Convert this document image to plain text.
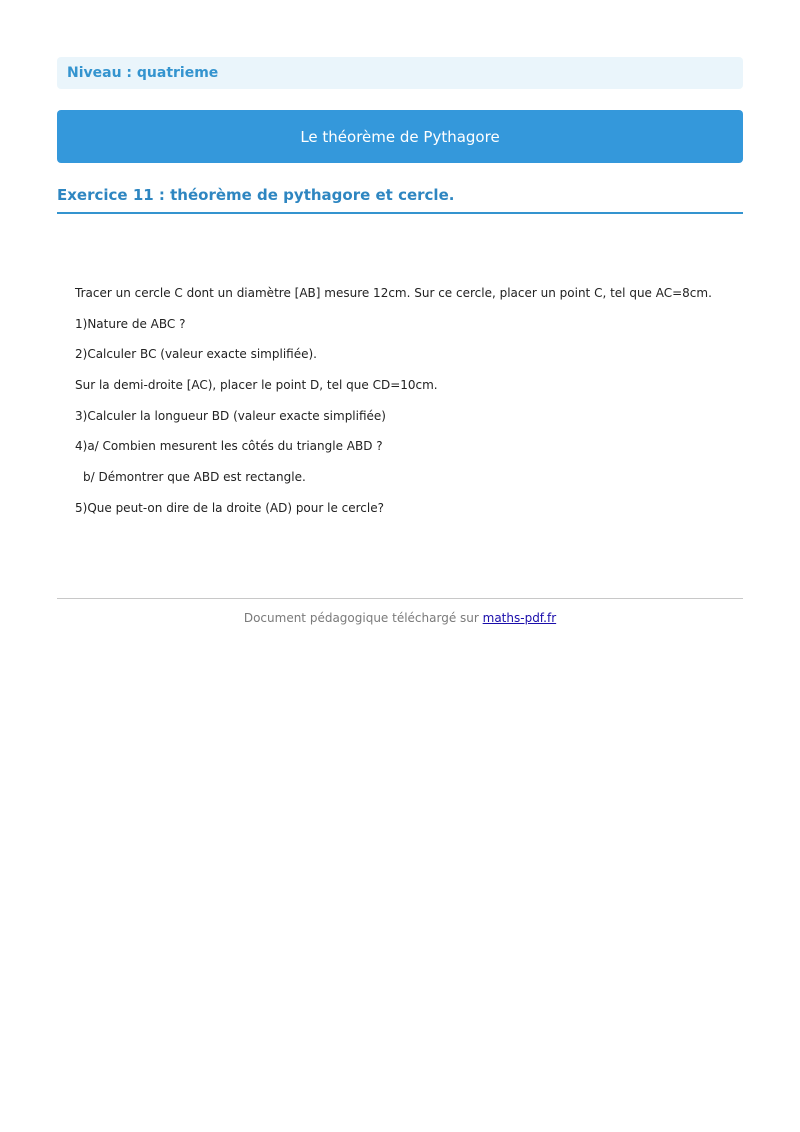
Niveau : quatrieme
Le théorème de Pythagore
Exercice 11 : théorème de pythagore et cercle.
Tracer un cercle C dont un diamètre [AB] mesure 12cm. Sur ce cercle, placer un point C, tel que AC=8cm.
1)Nature de ABC ?
2)Calculer BC (valeur exacte simplifiée).
Sur la demi-droite [AC), placer le point D, tel que CD=10cm.
3)Calculer la longueur BD (valeur exacte simplifiée)
4)a/ Combien mesurent les côtés du triangle ABD ?
b/ Démontrer que ABD est rectangle.
5)Que peut-on dire de la droite (AD) pour le cercle?
Document pédagogique téléchargé sur maths-pdf.fr
